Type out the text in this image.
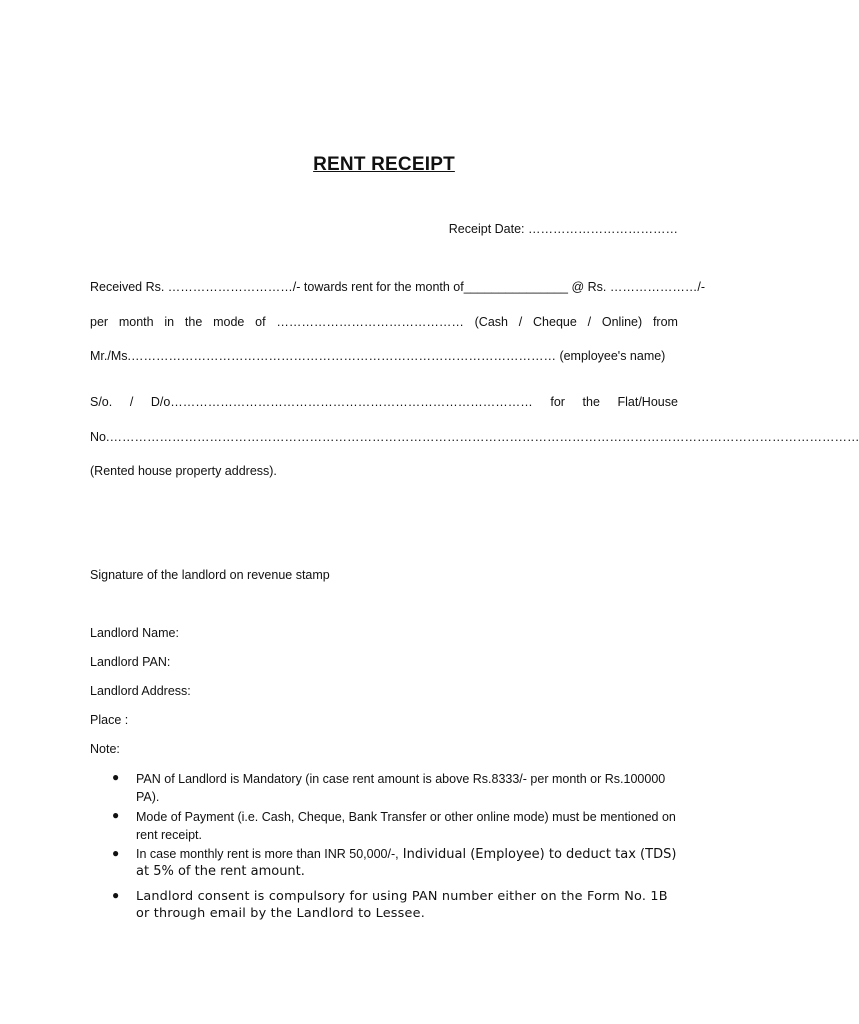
RENT RECEIPT
Receipt Date: ………………………………
Received Rs. …………………………/- towards rent for the month of _______________ @ Rs. …………………/-
per month in the mode of ……………………………………… (Cash / Cheque / Online) from
Mr./Ms.………………………………………………………………………………………… (employee's name)
S/o. / D/o…………………………………………………………………………… for the Flat/House
No.………………………………………………………………………………………………………………………………………………………………
(Rented house property address).
Signature of the landlord on revenue stamp
Landlord Name:
Landlord PAN:
Landlord Address:
Place :
Note:
● PAN of Landlord is Mandatory (in case rent amount is above Rs.8333/- per month or Rs.100000 PA).
● Mode of Payment (i.e. Cash, Cheque, Bank Transfer or other online mode) must be mentioned on rent receipt.
● In case monthly rent is more than INR 50,000/-, Individual (Employee) to deduct tax (TDS) at 5% of the rent amount.
● Landlord consent is compulsory for using PAN number either on the Form No. 1B or through email by the Landlord to Lessee.
